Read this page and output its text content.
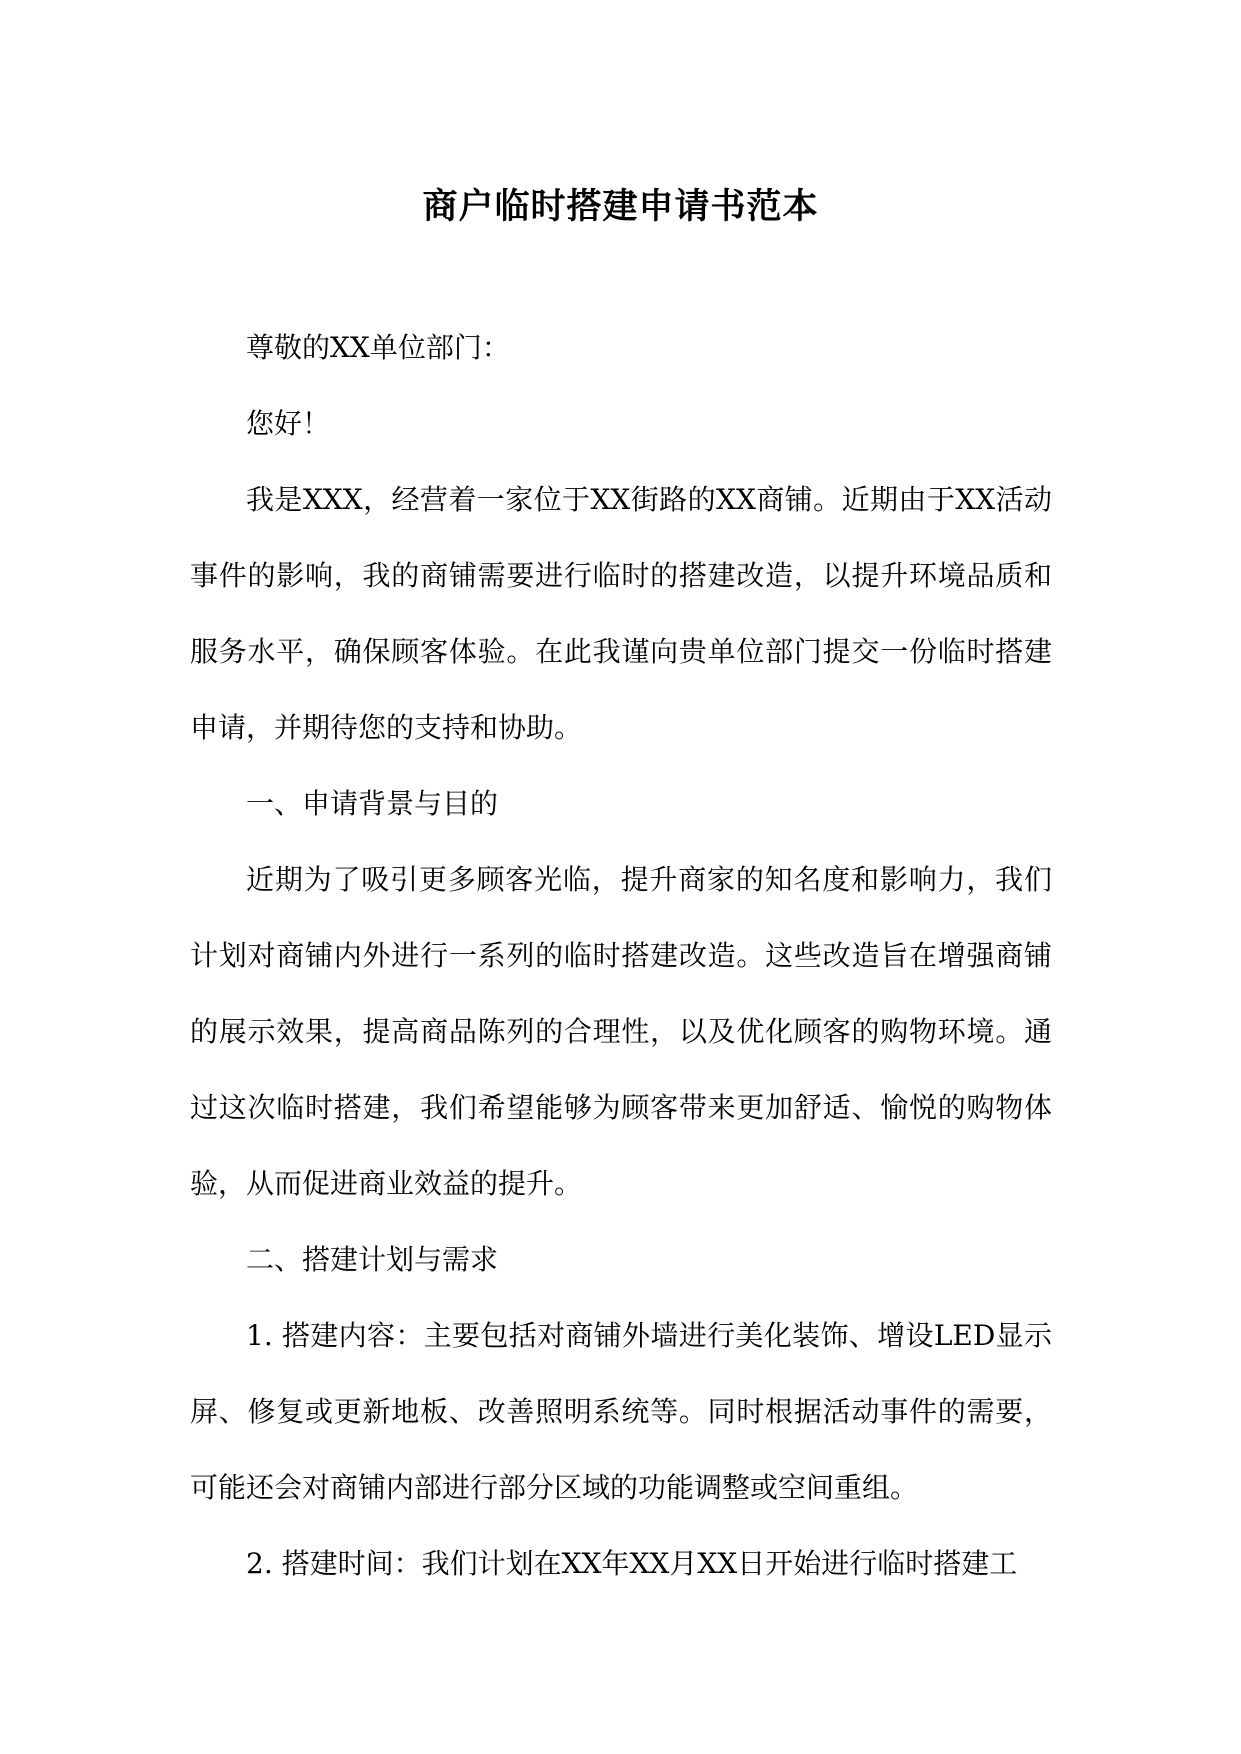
商户临时搭建申请书范本

尊敬的XX单位部门：

您好！

我是XXX，经营着一家位于XX街路的XX商铺。近期由于XX活动事件的影响，我的商铺需要进行临时的搭建改造，以提升环境品质和服务水平，确保顾客体验。在此我谨向贵单位部门提交一份临时搭建申请，并期待您的支持和协助。

一、申请背景与目的

近期为了吸引更多顾客光临，提升商家的知名度和影响力，我们计划对商铺内外进行一系列的临时搭建改造。这些改造旨在增强商铺的展示效果，提高商品陈列的合理性，以及优化顾客的购物环境。通过这次临时搭建，我们希望能够为顾客带来更加舒适、愉悦的购物体验，从而促进商业效益的提升。

二、搭建计划与需求

1. 搭建内容：主要包括对商铺外墙进行美化装饰、增设LED显示屏、修复或更新地板、改善照明系统等。同时根据活动事件的需要，可能还会对商铺内部进行部分区域的功能调整或空间重组。

2. 搭建时间：我们计划在XX年XX月XX日开始进行临时搭建工
